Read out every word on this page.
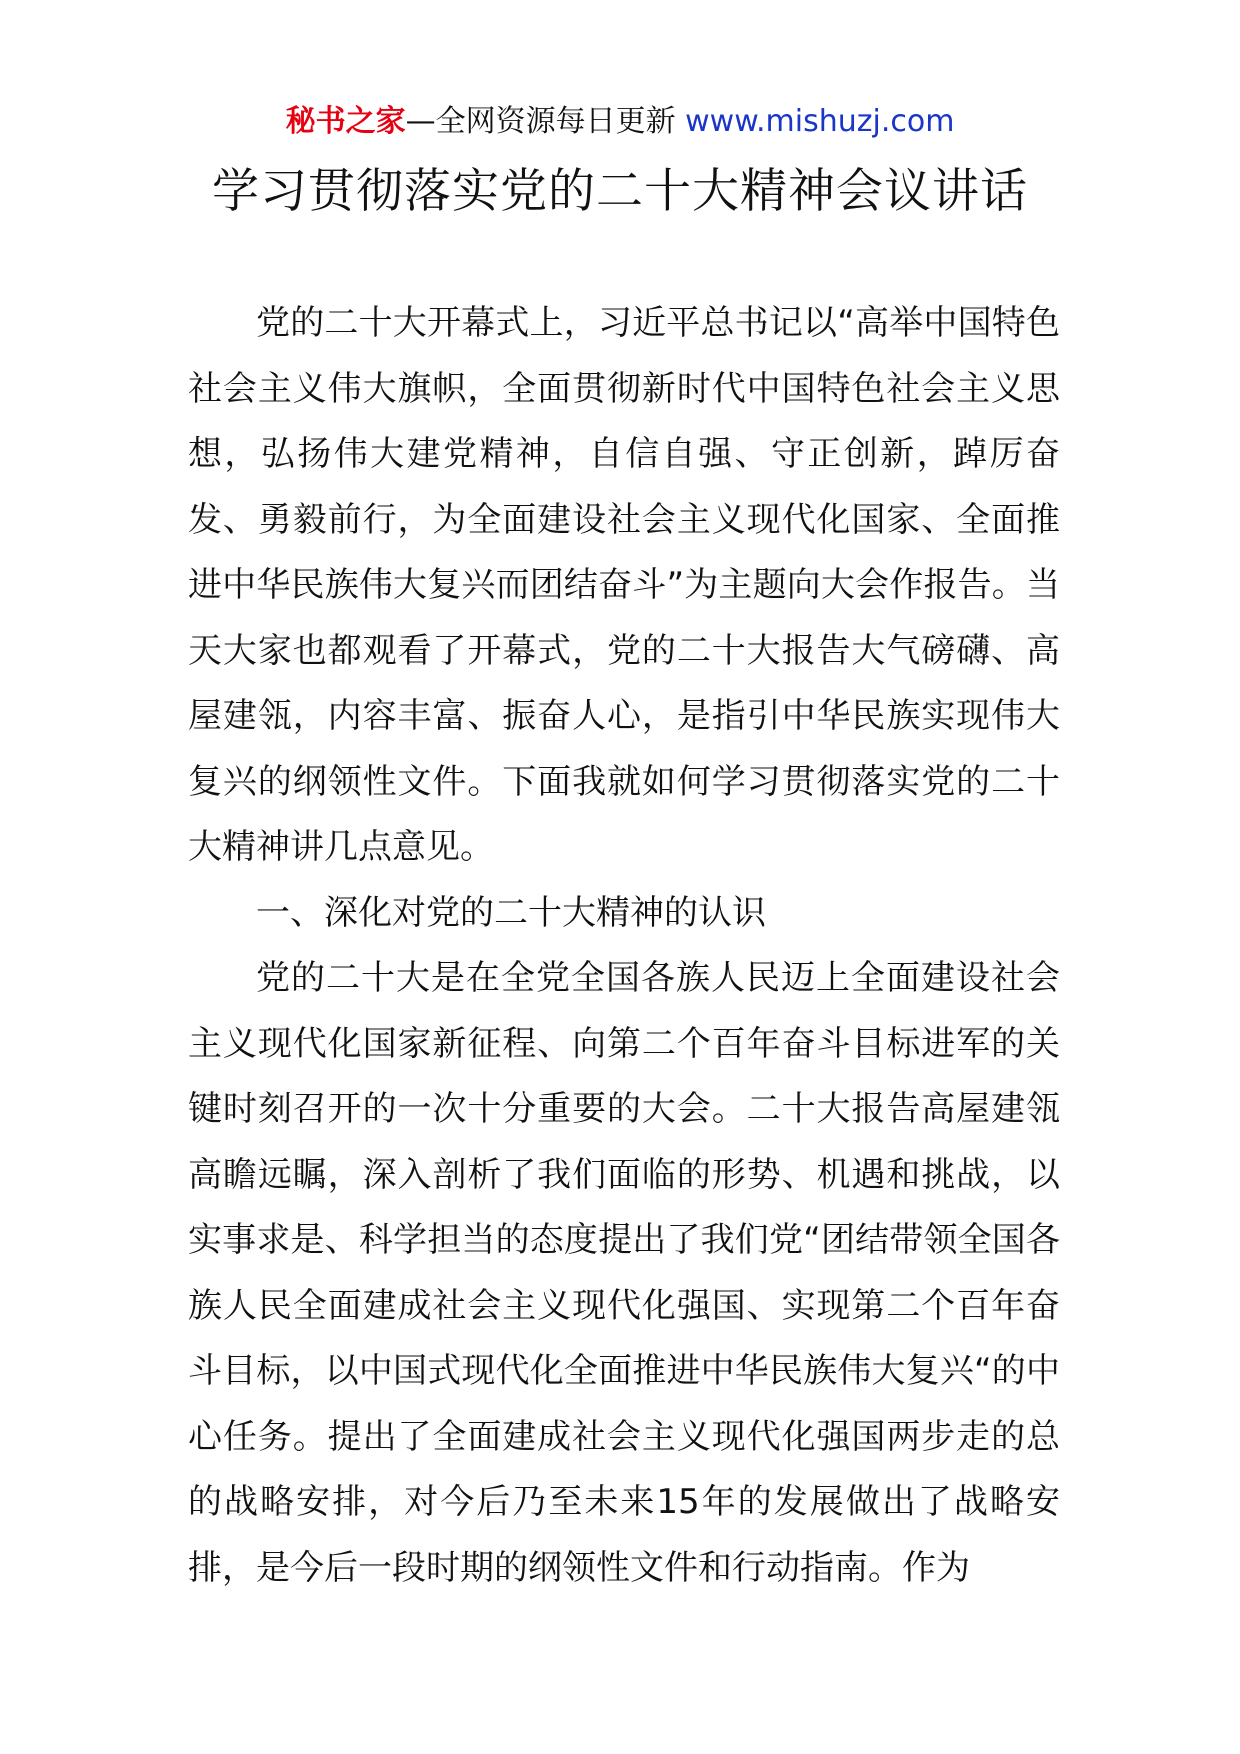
秘书之家—全网资源每日更新 www.mishuzj.com
学习贯彻落实党的二十大精神会议讲话

党的二十大开幕式上，习近平总书记以“高举中国特色社会主义伟大旗帜，全面贯彻新时代中国特色社会主义思想，弘扬伟大建党精神，自信自强、守正创新，踔厉奋发、勇毅前行，为全面建设社会主义现代化国家、全面推进中华民族伟大复兴而团结奋斗”为主题向大会作报告。当天大家也都观看了开幕式，党的二十大报告大气磅礴、高屋建瓴，内容丰富、振奋人心，是指引中华民族实现伟大复兴的纲领性文件。下面我就如何学习贯彻落实党的二十大精神讲几点意见。

一、深化对党的二十大精神的认识

党的二十大是在全党全国各族人民迈上全面建设社会主义现代化国家新征程、向第二个百年奋斗目标进军的关键时刻召开的一次十分重要的大会。二十大报告高屋建瓴高瞻远瞩，深入剖析了我们面临的形势、机遇和挑战，以实事求是、科学担当的态度提出了我们党“团结带领全国各族人民全面建成社会主义现代化强国、实现第二个百年奋斗目标，以中国式现代化全面推进中华民族伟大复兴“的中心任务。提出了全面建成社会主义现代化强国两步走的总的战略安排，对今后乃至未来15年的发展做出了战略安排，是今后一段时期的纲领性文件和行动指南。作为
